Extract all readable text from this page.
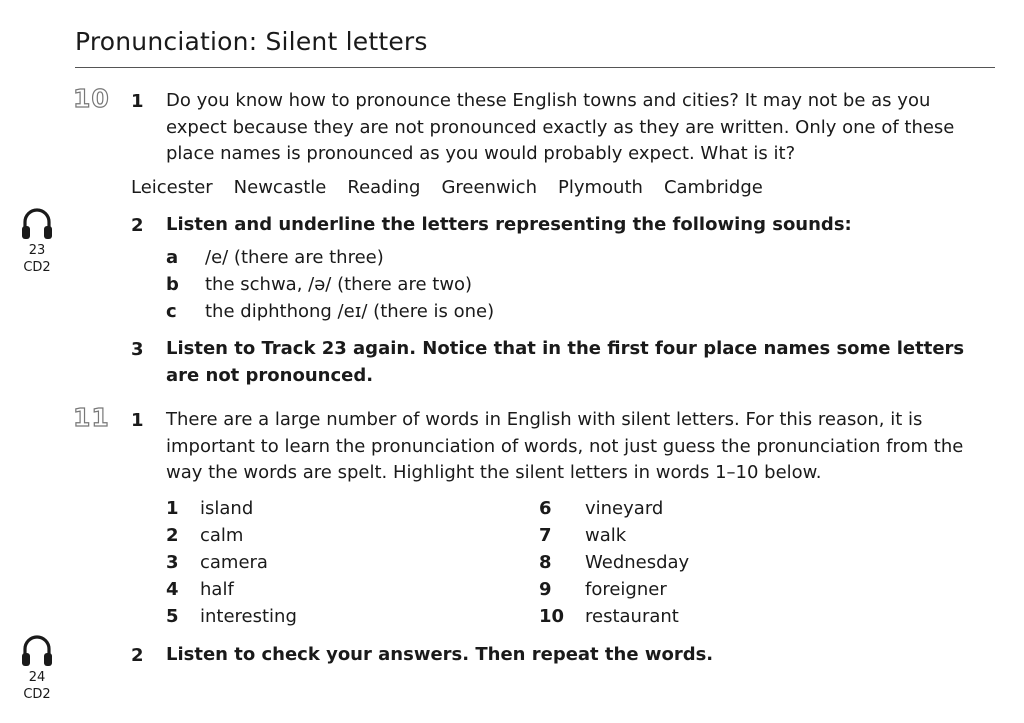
Pronunciation: Silent letters
10 1 Do you know how to pronounce these English towns and cities? It may not be as you expect because they are not pronounced exactly as they are written. Only one of these place names is pronounced as you would probably expect. What is it?
Leicester Newcastle Reading Greenwich Plymouth Cambridge
23
CD2
2 Listen and underline the letters representing the following sounds:
a	/e/ (there are three)
b	the schwa, /ə/ (there are two)
c	the diphthong /eɪ/ (there is one)
3 Listen to Track 23 again. Notice that in the first four place names some letters are not pronounced.
11 1 There are a large number of words in English with silent letters. For this reason, it is important to learn the pronunciation of words, not just guess the pronunciation from the way the words are spelt. Highlight the silent letters in words 1–10 below.
1	island
2	calm
3	camera
4	half
5	interesting
6	vineyard
7	walk
8	Wednesday
9	foreigner
10	restaurant
24
CD2
2 Listen to check your answers. Then repeat the words.
